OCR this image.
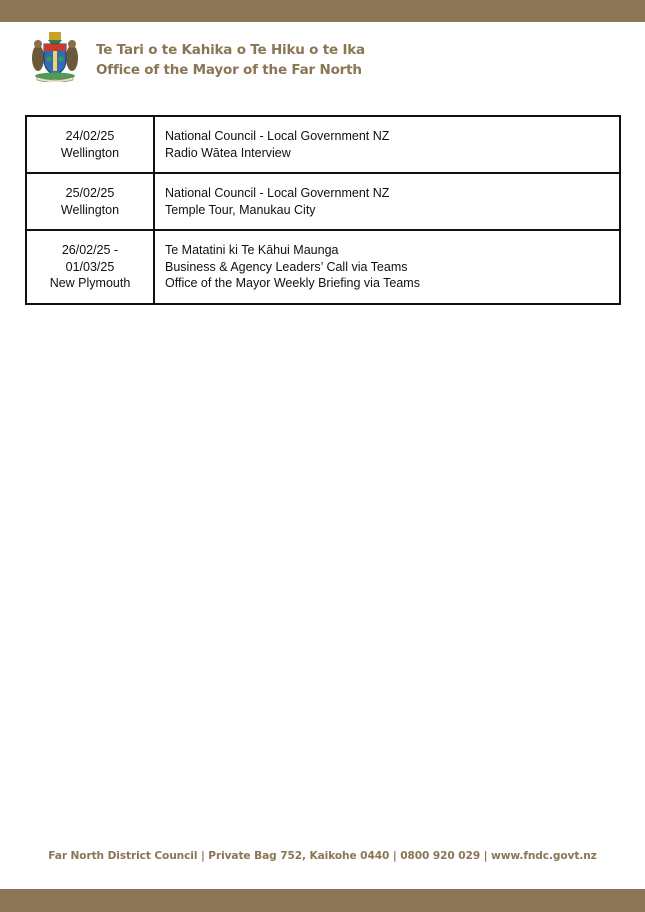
Te Tari o te Kahika o Te Hiku o te Ika
Office of the Mayor of the Far North
24/02/25
Wellington	National Council - Local Government NZ
Radio Wātea Interview

25/02/25
Wellington	National Council - Local Government NZ
Temple Tour, Manukau City

26/02/25 -
01/03/25
New Plymouth	Te Matatini ki Te Kāhui Maunga
Business & Agency Leaders’ Call via Teams
Office of the Mayor Weekly Briefing via Teams
Far North District Council | Private Bag 752, Kaikohe 0440 | 0800 920 029 | www.fndc.govt.nz
